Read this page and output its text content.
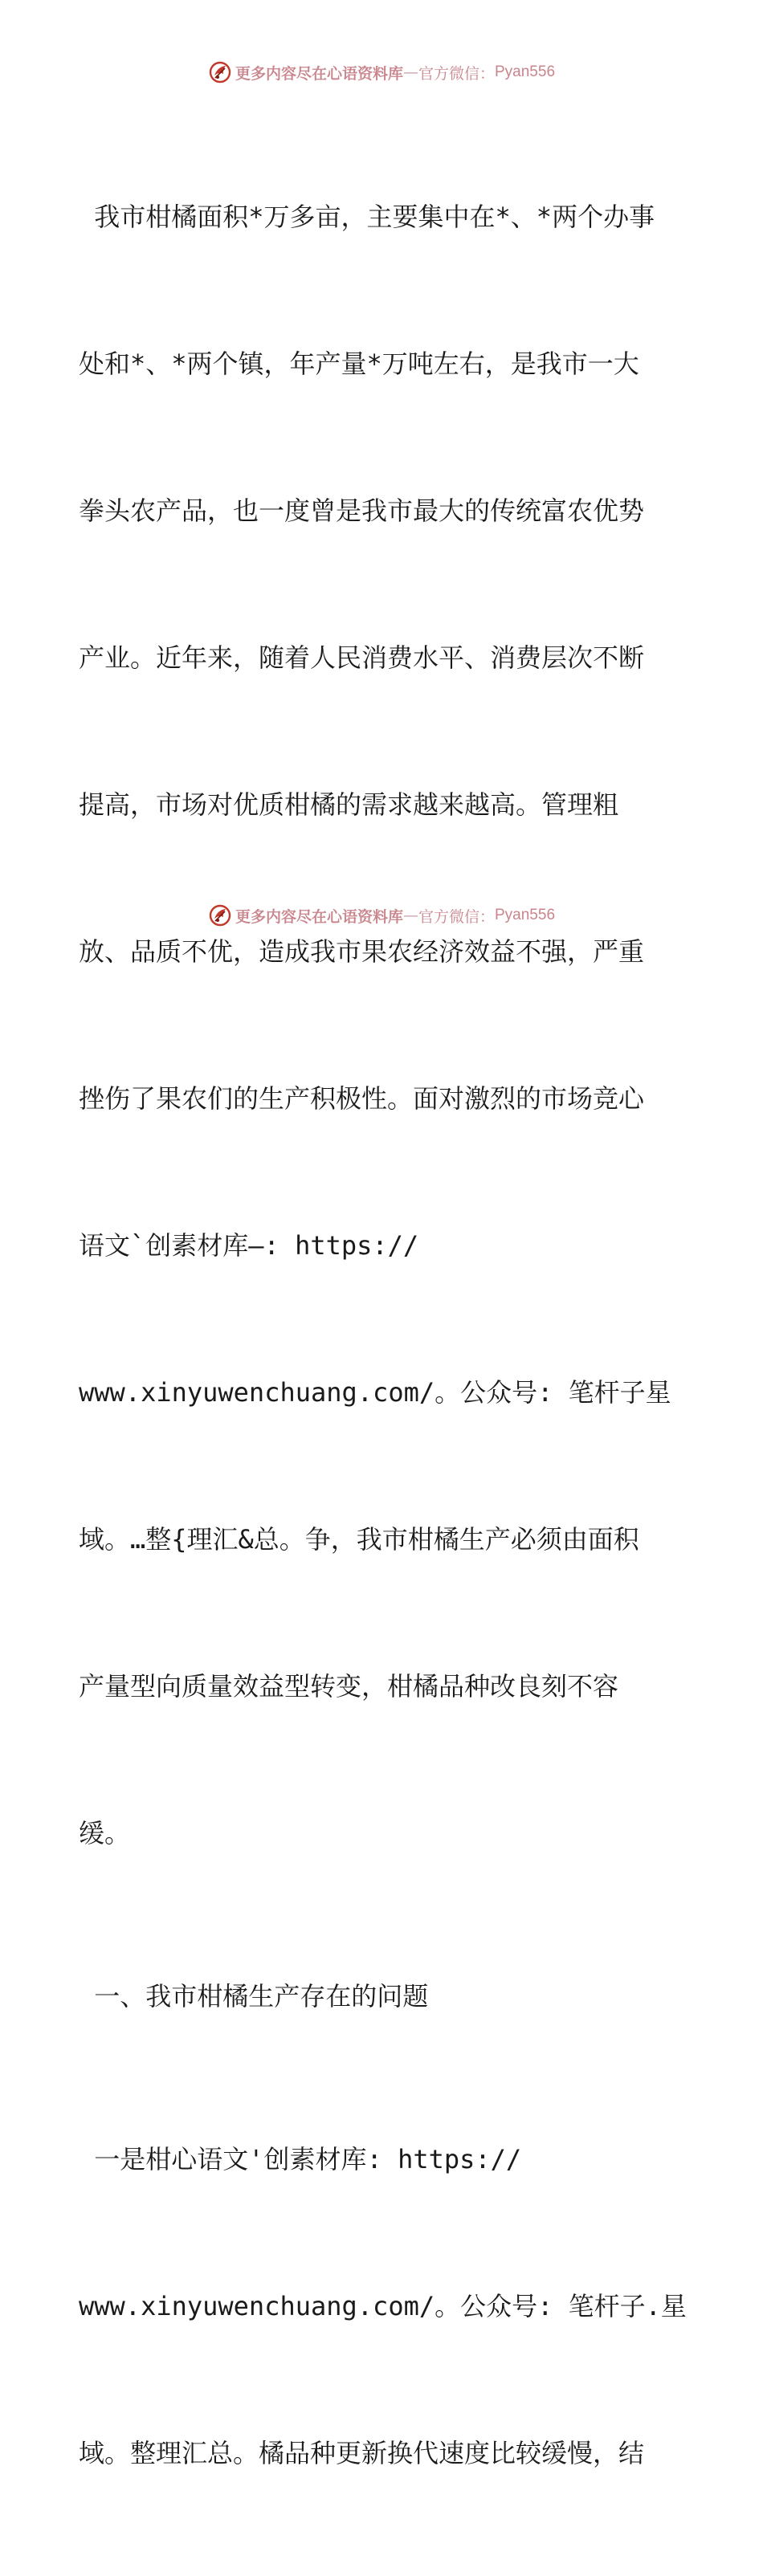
更多内容尽在心语资料库 — 官方微信： Pyan556

我市柑橘面积*万多亩，主要集中在*、*两个办事

处和*、*两个镇，年产量*万吨左右，是我市一大

拳头农产品，也一度曾是我市最大的传统富农优势

产业。近年来，随着人民消费水平、消费层次不断

提高，市场对优质柑橘的需求越来越高。管理粗

放、品质不优，造成我市果农经济效益不强，严重

挫伤了果农们的生产积极性。面对激烈的市场竞心

语文`创素材库—: https://

www.xinyuwenchuang.com/。公众号: 笔杆子星

域。…整{理汇&总。争，我市柑橘生产必须由面积

产量型向质量效益型转变，柑橘品种改良刻不容

缓。

一、我市柑橘生产存在的问题

一是柑心语文'创素材库: https://

www.xinyuwenchuang.com/。公众号: 笔杆子.星

域。整理汇总。橘品种更新换代速度比较缓慢，结

更多内容尽在心语资料库 — 官方微信： Pyan556
